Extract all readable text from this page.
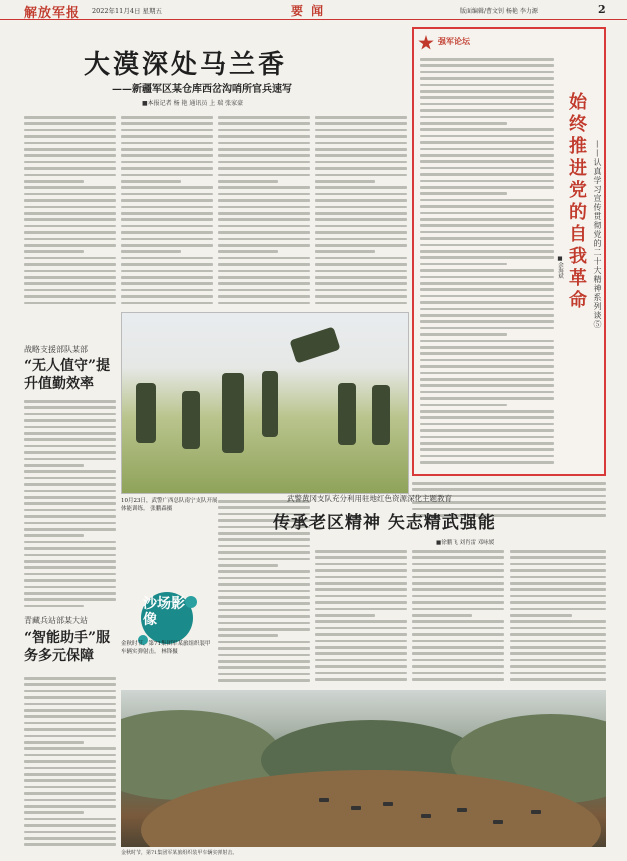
解放军报 2022年11月4日 星期五	要 闻	版面编辑/曹文钊 杨艳 李力源	2
大漠深处马兰香
——新疆军区某仓库西岔沟哨所官兵速写
■本报记者 杨 艳 通讯员 上 瑞 张家豪
强军论坛
始终推进党的自我革命 ——认真学习宣传贯彻党的二十大精神系列谈⑤
■余海斌
战略支援部队某部
“无人值守”提升值勤效率
青藏兵站部某大站
“智能助手”服务多元保障
10月23日，武警广西总队南宁支队开展体能训练。 张鹏森摄
沙场影像
金秋时节，第71集团军某旅组织装甲车辆实弹射击。 林锋摄
武警黄冈支队充分利用驻地红色资源深化主题教育
传承老区精神 矢志精武强能
■徐鹏飞 刘肖雷 邓咏媛
金秋时节，第71集团军某旅组织装甲车辆实弹射击。
